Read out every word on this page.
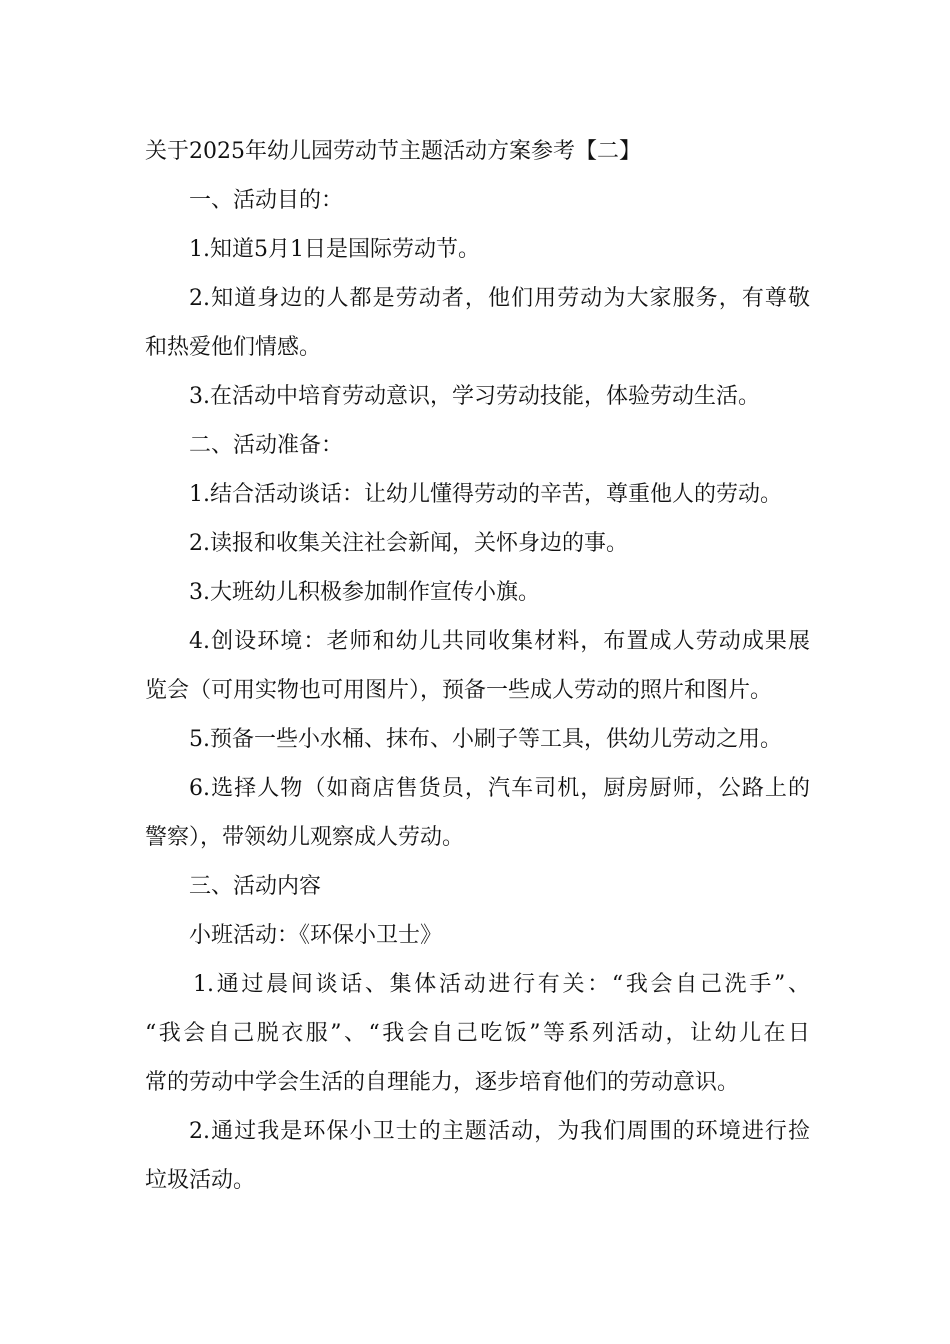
关于2025年幼儿园劳动节主题活动方案参考【二】

一、活动目的：

1.知道5月1日是国际劳动节。

2.知道身边的人都是劳动者，他们用劳动为大家服务，有尊敬

和热爱他们情感。

3.在活动中培育劳动意识，学习劳动技能，体验劳动生活。

二、活动准备：

1.结合活动谈话：让幼儿懂得劳动的辛苦，尊重他人的劳动。

2.读报和收集关注社会新闻，关怀身边的事。

3.大班幼儿积极参加制作宣传小旗。

4.创设环境：老师和幼儿共同收集材料，布置成人劳动成果展

览会（可用实物也可用图片），预备一些成人劳动的照片和图片。

5.预备一些小水桶、抹布、小刷子等工具，供幼儿劳动之用。

6.选择人物（如商店售货员，汽车司机，厨房厨师，公路上的

警察），带领幼儿观察成人劳动。

三、活动内容

小班活动：《环保小卫士》

1.通过晨间谈话、集体活动进行有关：“我会自己洗手”、

“我会自己脱衣服”、“我会自己吃饭”等系列活动，让幼儿在日

常的劳动中学会生活的自理能力，逐步培育他们的劳动意识。

2.通过我是环保小卫士的主题活动，为我们周围的环境进行捡

垃圾活动。
